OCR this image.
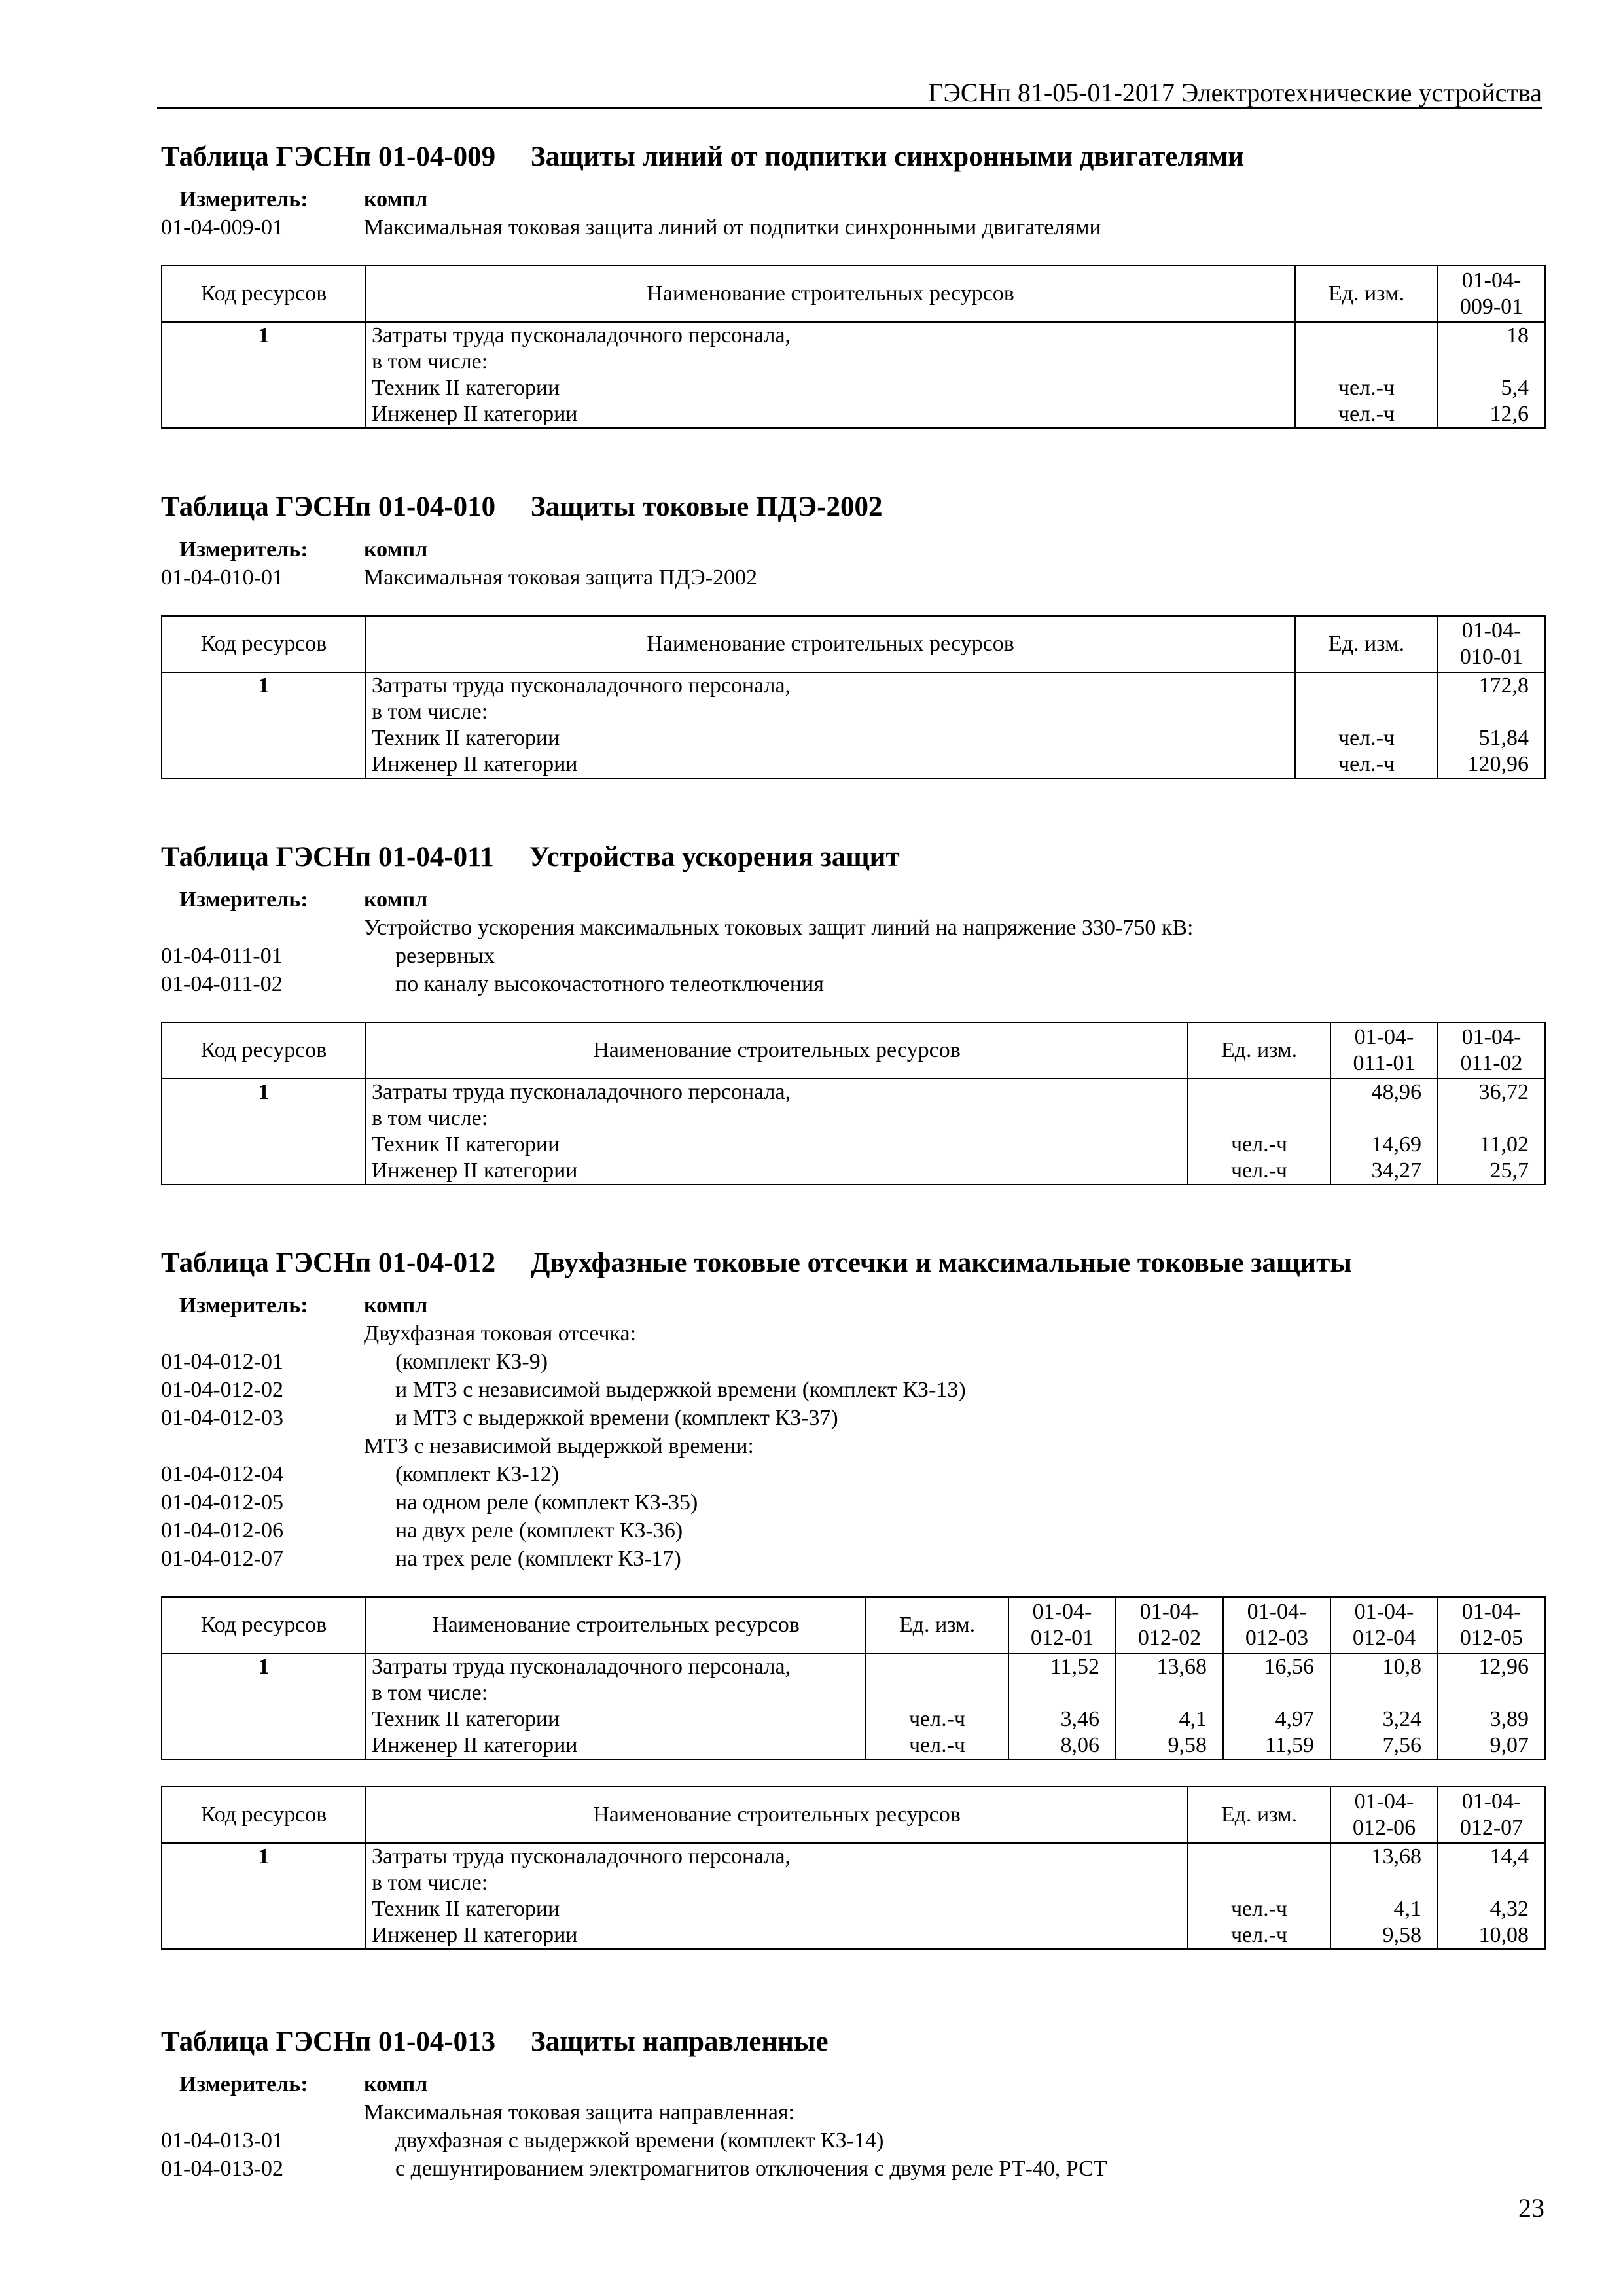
ГЭСНп 81-05-01-2017 Электротехнические устройства
Таблица ГЭСНп 01-04-009     Защиты линий от подпитки синхронными двигателями
Измеритель:	компл
01-04-009-01	Максимальная токовая защита линий от подпитки синхронными двигателями
Код ресурсов	Наименование строительных ресурсов	Ед. изм.	01-04-
009-01
1	Затраты труда пусконаладочного персонала,		18
	в том числе:		
	Техник II категории	чел.-ч	5,4
	Инженер II категории	чел.-ч	12,6
Таблица ГЭСНп 01-04-010     Защиты токовые ПДЭ-2002
Измеритель:	компл
01-04-010-01	Максимальная токовая защита ПДЭ-2002
Код ресурсов	Наименование строительных ресурсов	Ед. изм.	01-04-
010-01
1	Затраты труда пусконаладочного персонала,		172,8
	в том числе:		
	Техник II категории	чел.-ч	51,84
	Инженер II категории	чел.-ч	120,96
Таблица ГЭСНп 01-04-011     Устройства ускорения защит
Измеритель:	компл
Устройство ускорения максимальных токовых защит линий на напряжение 330-750 кВ:
01-04-011-01	резервных
01-04-011-02	по каналу высокочастотного телеотключения
Код ресурсов	Наименование строительных ресурсов	Ед. изм.	01-04-
011-01	01-04-
011-02
1	Затраты труда пусконаладочного персонала,		48,96	36,72
	в том числе:			
	Техник II категории	чел.-ч	14,69	11,02
	Инженер II категории	чел.-ч	34,27	25,7
Таблица ГЭСНп 01-04-012     Двухфазные токовые отсечки и максимальные токовые защиты
Измеритель:	компл
Двухфазная токовая отсечка:
01-04-012-01	(комплект КЗ-9)
01-04-012-02	и МТЗ с независимой выдержкой времени (комплект КЗ-13)
01-04-012-03	и МТЗ с выдержкой времени (комплект КЗ-37)
МТЗ с независимой выдержкой времени:
01-04-012-04	(комплект КЗ-12)
01-04-012-05	на одном реле (комплект КЗ-35)
01-04-012-06	на двух реле (комплект КЗ-36)
01-04-012-07	на трех реле (комплект КЗ-17)
Код ресурсов	Наименование строительных ресурсов	Ед. изм.	01-04-
012-01	01-04-
012-02	01-04-
012-03	01-04-
012-04	01-04-
012-05
1	Затраты труда пусконаладочного персонала,		11,52	13,68	16,56	10,8	12,96
	в том числе:						
	Техник II категории	чел.-ч	3,46	4,1	4,97	3,24	3,89
	Инженер II категории	чел.-ч	8,06	9,58	11,59	7,56	9,07
Код ресурсов	Наименование строительных ресурсов	Ед. изм.	01-04-
012-06	01-04-
012-07
1	Затраты труда пусконаладочного персонала,		13,68	14,4
	в том числе:			
	Техник II категории	чел.-ч	4,1	4,32
	Инженер II категории	чел.-ч	9,58	10,08
Таблица ГЭСНп 01-04-013     Защиты направленные
Измеритель:	компл
Максимальная токовая защита направленная:
01-04-013-01	двухфазная с выдержкой времени (комплект КЗ-14)
01-04-013-02	с дешунтированием электромагнитов отключения с двумя реле РТ-40, РСТ
23
